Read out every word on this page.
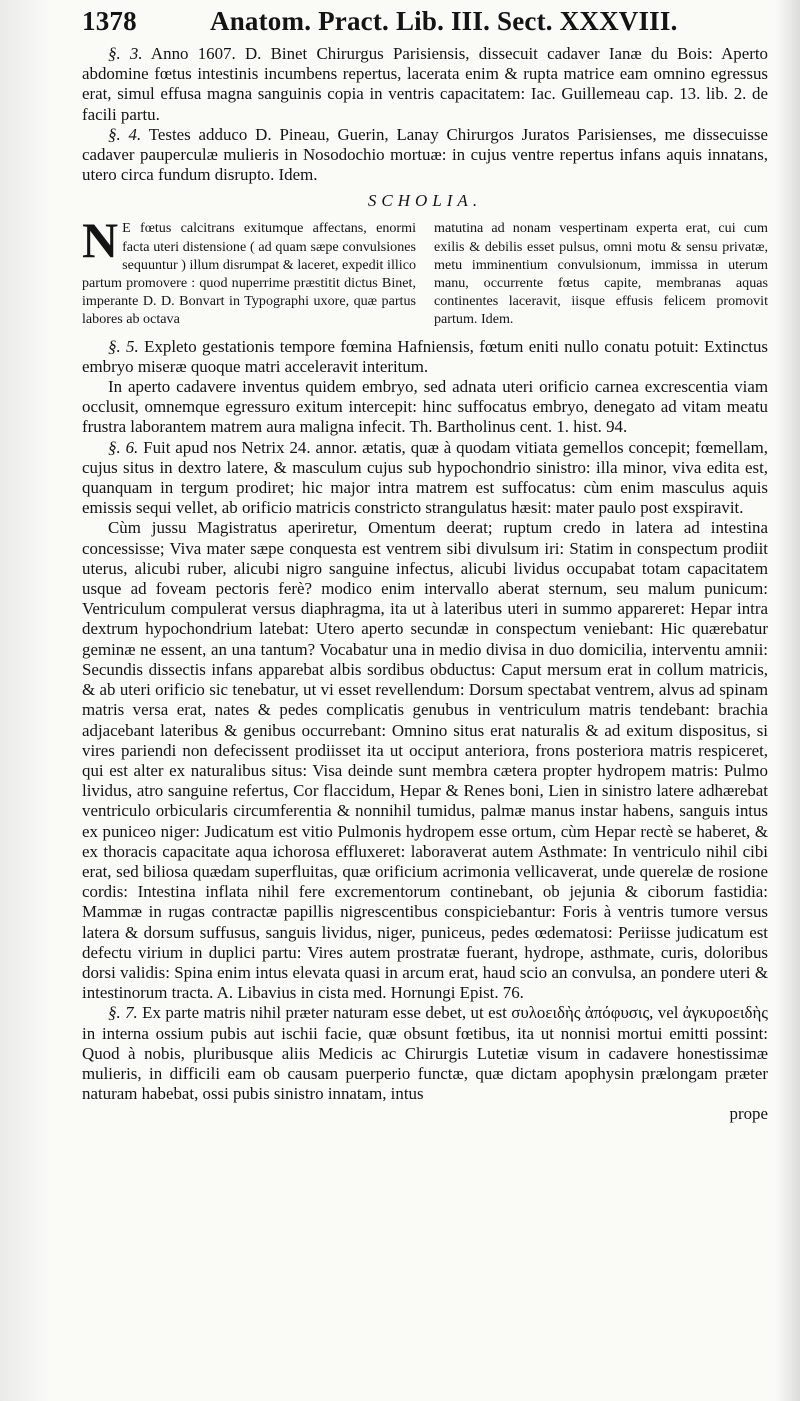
1378	Anatom. Pract. Lib. III. Sect. XXXVIII.

§. 3. Anno 1607. D. Binet Chirurgus Parisiensis, dissecuit cadaver Ianæ du Bois: Aperto abdomine fœtus intestinis incumbens repertus, lacerata enim & rupta matrice eam omnino egressus erat, simul effusa magna sanguinis copia in ventris capacitatem: Iac. Guillemeau cap. 13. lib. 2. de facili partu.

§. 4. Testes adduco D. Pineau, Guerin, Lanay Chirurgos Juratos Parisienses, me dissecuisse cadaver pauperculæ mulieris in Nosodochio mortuæ: in cujus ventre repertus infans aquis innatans, utero circa fundum disrupto. Idem.

SCHOLIA.

N E fœtus calcitrans exitumque affectans, enormi facta uteri distensione ( ad quam sæpe convulsiones sequuntur ) illum disrumpat & laceret, expedit illico partum promovere : quod nuperrime præstitit dictus Binet, imperante D. D. Bonvart in Typographi uxore, quæ partus labores ab octava

matutina ad nonam vespertinam experta erat, cui cum exilis & debilis esset pulsus, omni motu & sensu privatæ, metu imminentium convulsionum, immissa in uterum manu, occurrente fœtus capite, membranas aquas continentes laceravit, iisque effusis felicem promovit partum. Idem.

§. 5. Expleto gestationis tempore fœmina Hafniensis, fœtum eniti nullo conatu potuit: Extinctus embryo miseræ quoque matri acceleravit interitum.

In aperto cadavere inventus quidem embryo, sed adnata uteri orificio carnea excrescentia viam occlusit, omnemque egressuro exitum intercepit: hinc suffocatus embryo, denegato ad vitam meatu frustra laborantem matrem aura maligna infecit. Th. Bartholinus cent. 1. hist. 94.

§. 6. Fuit apud nos Netrix 24. annor. ætatis, quæ à quodam vitiata gemellos concepit; fœmellam, cujus situs in dextro latere, & masculum cujus sub hypochondrio sinistro: illa minor, viva edita est, quanquam in tergum prodiret; hic major intra matrem est suffocatus: cùm enim masculus aquis emissis sequi vellet, ab orificio matricis constricto strangulatus hæsit: mater paulo post exspiravit.

Cùm jussu Magistratus aperiretur, Omentum deerat; ruptum credo in latera ad intestina concessisse; Viva mater sæpe conquesta est ventrem sibi divulsum iri: Statim in conspectum prodiit uterus, alicubi ruber, alicubi nigro sanguine infectus, alicubi lividus occupabat totam capacitatem usque ad foveam pectoris ferè? modico enim intervallo aberat sternum, seu malum punicum: Ventriculum compulerat versus diaphragma, ita ut à lateribus uteri in summo appareret: Hepar intra dextrum hypochondrium latebat: Utero aperto secundæ in conspectum veniebant: Hic quærebatur geminæ ne essent, an una tantum? Vocabatur una in medio divisa in duo domicilia, interventu amnii: Secundis dissectis infans apparebat albis sordibus obductus: Caput mersum erat in collum matricis, & ab uteri orificio sic tenebatur, ut vi esset revellendum: Dorsum spectabat ventrem, alvus ad spinam matris versa erat, nates & pedes complicatis genubus in ventriculum matris tendebant: brachia adjacebant lateribus & genibus occurrebant: Omnino situs erat naturalis & ad exitum dispositus, si vires pariendi non defecissent prodiisset ita ut occiput anteriora, frons posteriora matris respiceret, qui est alter ex naturalibus situs: Visa deinde sunt membra cætera propter hydropem matris: Pulmo lividus, atro sanguine refertus, Cor flaccidum, Hepar & Renes boni, Lien in sinistro latere adhærebat ventriculo orbicularis circumferentia & nonnihil tumidus, palmæ manus instar habens, sanguis intus ex puniceo niger: Judicatum est vitio Pulmonis hydropem esse ortum, cùm Hepar rectè se haberet, & ex thoracis capacitate aqua ichorosa effluxeret: laboraverat autem Asthmate: In ventriculo nihil cibi erat, sed biliosa quædam superfluitas, quæ orificium acrimonia vellicaverat, unde querelæ de rosione cordis: Intestina inflata nihil fere excrementorum continebant, ob jejunia & ciborum fastidia: Mammæ in rugas contractæ papillis nigrescentibus conspiciebantur: Foris à ventris tumore versus latera & dorsum suffusus, sanguis lividus, niger, puniceus, pedes œdematosi: Periisse judicatum est defectu virium in duplici partu: Vires autem prostratæ fuerant, hydrope, asthmate, curis, doloribus dorsi validis: Spina enim intus elevata quasi in arcum erat, haud scio an convulsa, an pondere uteri & intestinorum tracta. A. Libavius in cista med. Hornungi Epist. 76.

§. 7. Ex parte matris nihil præter naturam esse debet, ut est συλοειδὴς ἀπόφυσις, vel ἀγκυροειδὴς in interna ossium pubis aut ischii facie, quæ obsunt fœtibus, ita ut nonnisi mortui emitti possint: Quod à nobis, pluribusque aliis Medicis ac Chirurgis Lutetiæ visum in cadavere honestissimæ mulieris, in difficili eam ob causam puerperio functæ, quæ dictam apophysin prælongam præter naturam habebat, ossi pubis sinistro innatam, intus

prope
